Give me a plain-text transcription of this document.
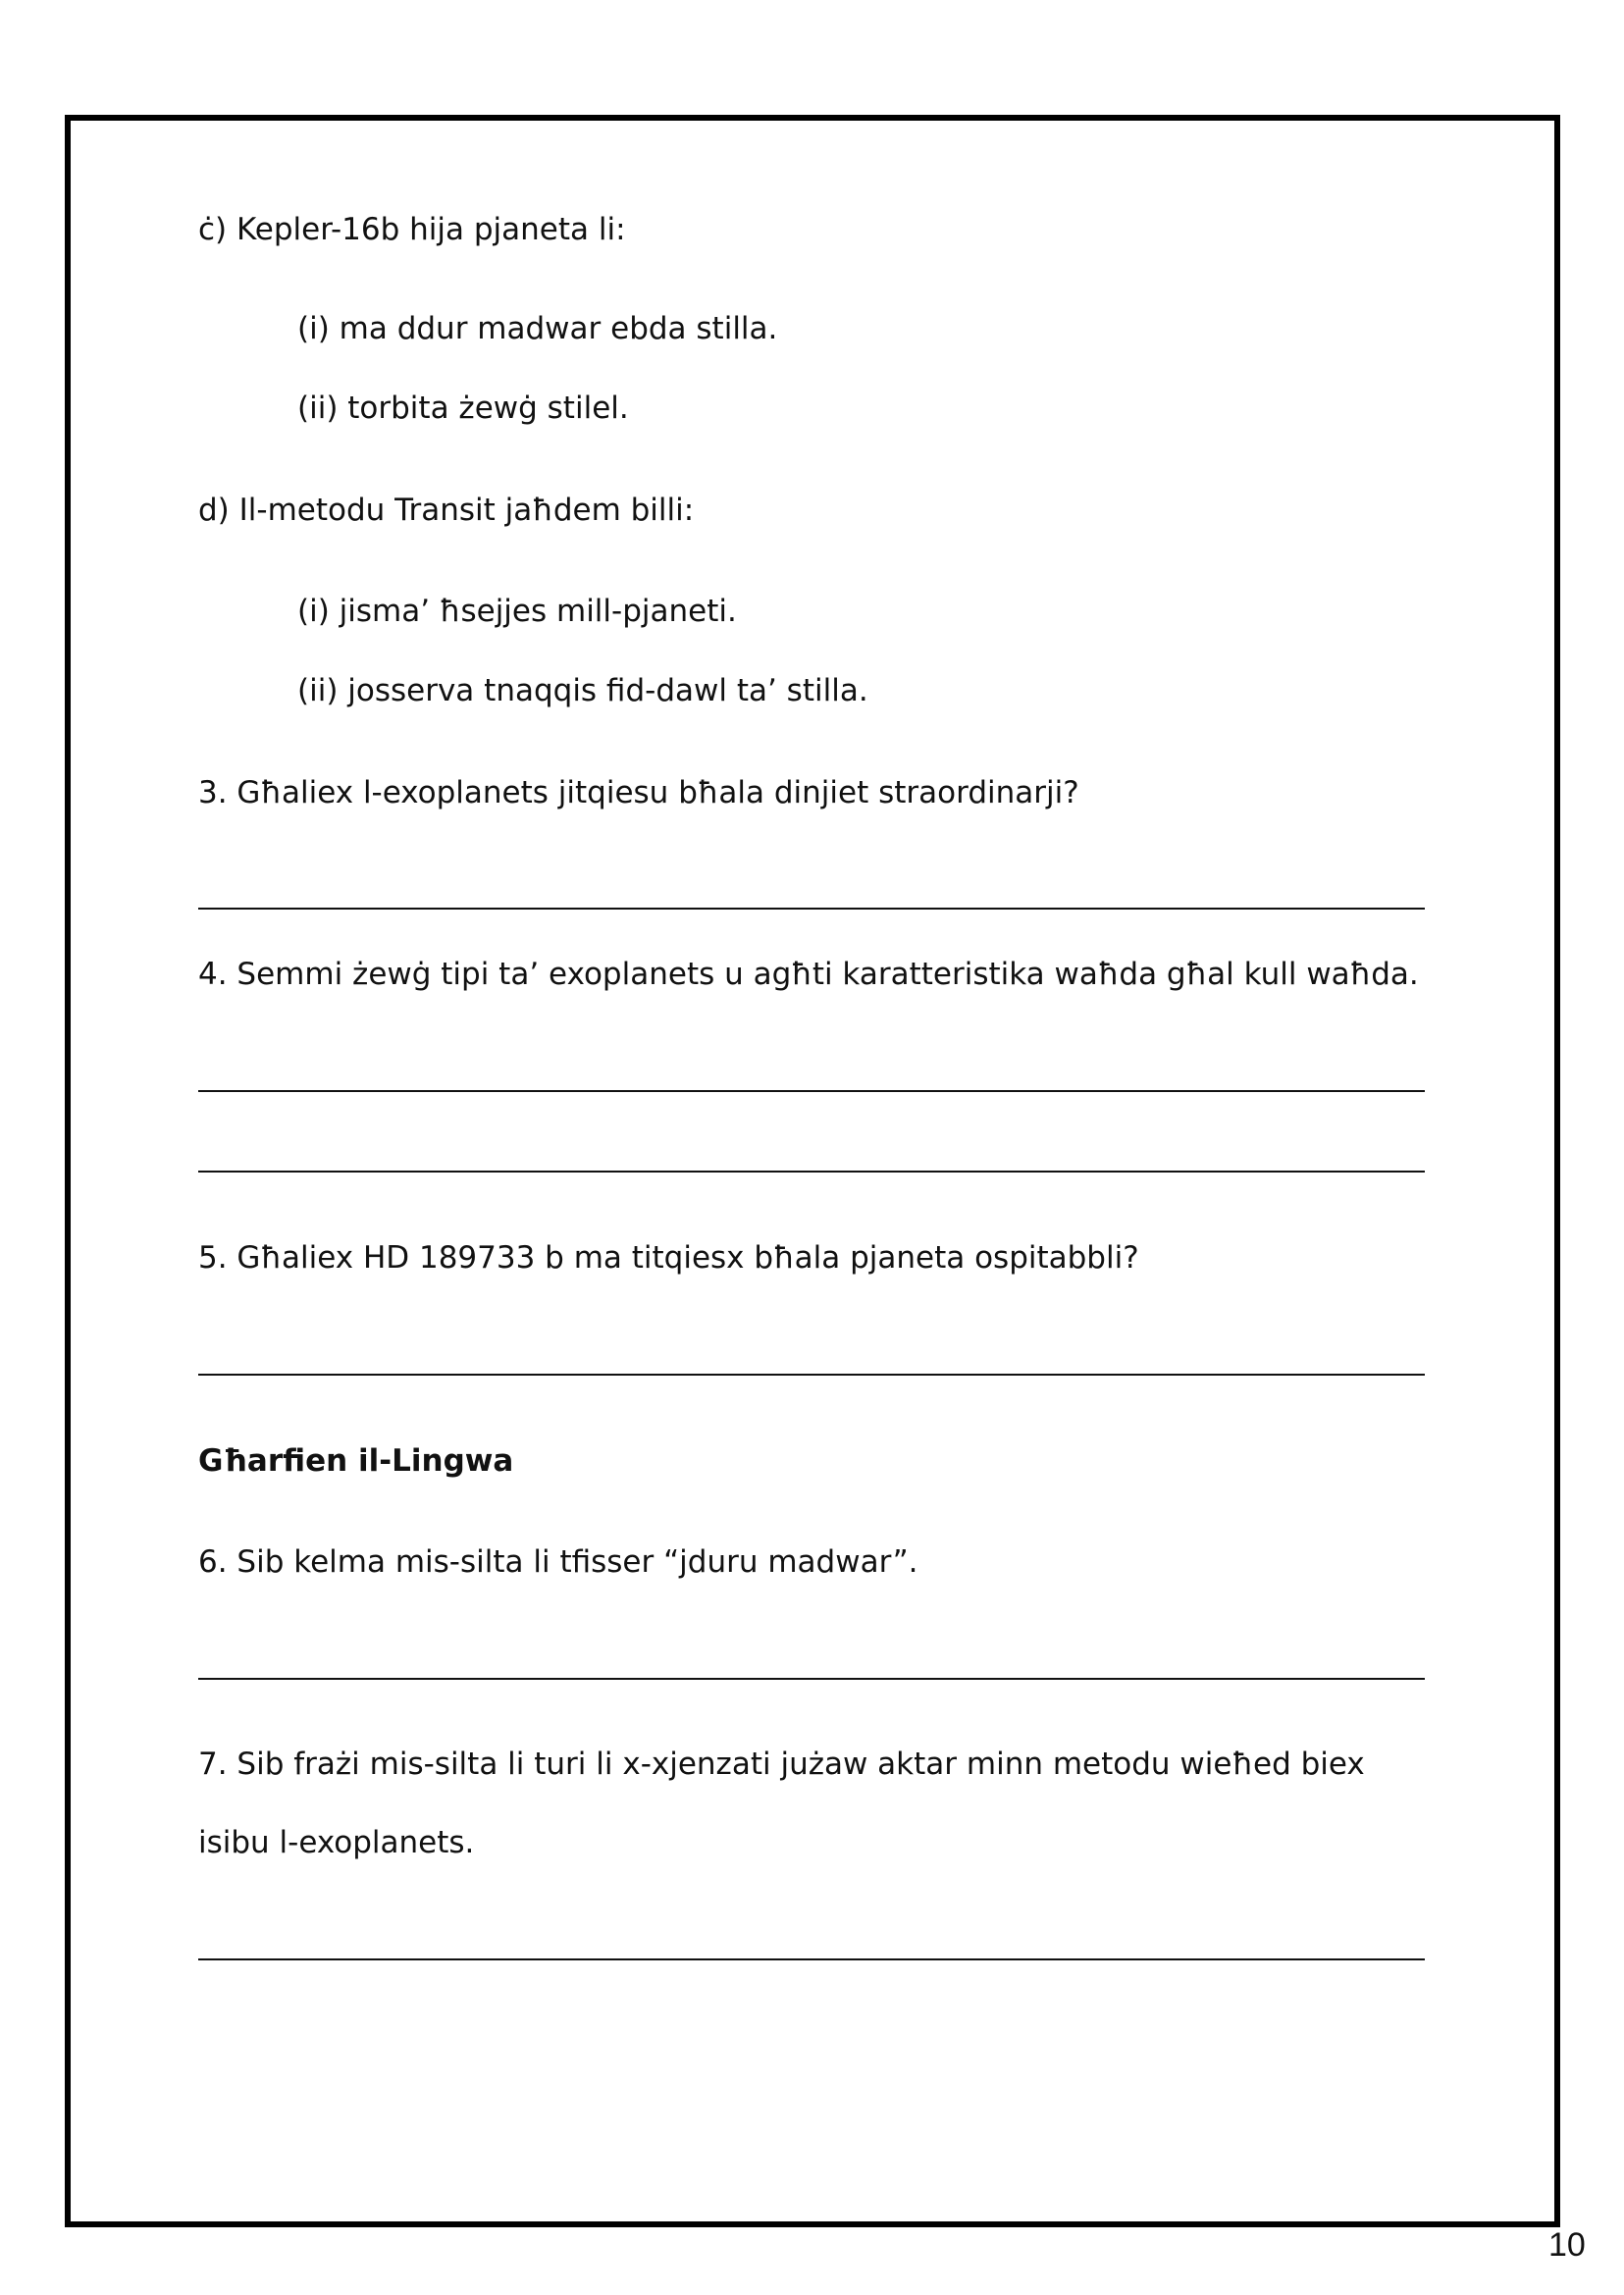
ċ) Kepler-16b hija pjaneta li:
(i) ma ddur madwar ebda stilla.
(ii) torbita żewġ stilel.
d) Il-metodu Transit jaħdem billi:
(i) jisma’ ħsejjes mill-pjaneti.
(ii) josserva tnaqqis fid-dawl ta’ stilla.
3. Għaliex l-exoplanets jitqiesu bħala dinjiet straordinarji?
4. Semmi żewġ tipi ta’ exoplanets u agħti karatteristika waħda għal kull waħda.
5. Għaliex HD 189733 b ma titqiesx bħala pjaneta ospitabbli?
Għarfien il-Lingwa
6. Sib kelma mis-silta li tfisser “jduru madwar”.
7. Sib frażi mis-silta li turi li x-xjenzati jużaw aktar minn metodu wieħed biex
isibu l-exoplanets.
10
